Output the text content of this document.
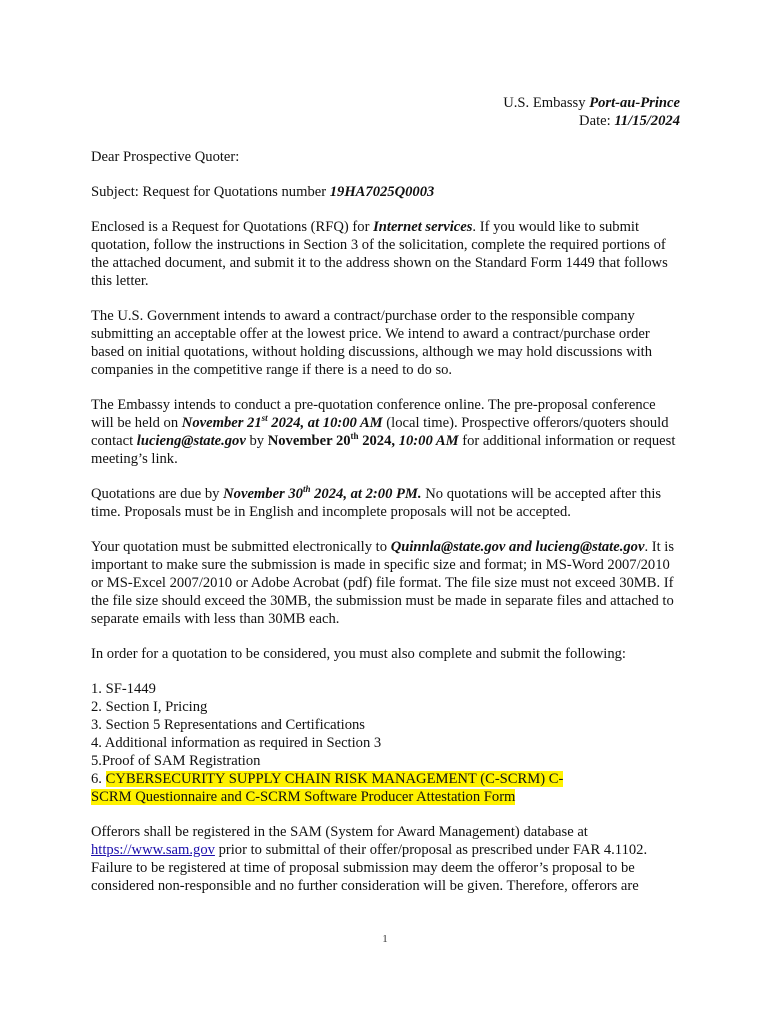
U.S. Embassy Port-au-Prince
Date: 11/15/2024

Dear Prospective Quoter:

Subject: Request for Quotations number 19HA7025Q0003

Enclosed is a Request for Quotations (RFQ) for Internet services. If you would like to submit quotation, follow the instructions in Section 3 of the solicitation, complete the required portions of the attached document, and submit it to the address shown on the Standard Form 1449 that follows this letter.

The U.S. Government intends to award a contract/purchase order to the responsible company submitting an acceptable offer at the lowest price. We intend to award a contract/purchase order based on initial quotations, without holding discussions, although we may hold discussions with companies in the competitive range if there is a need to do so.

The Embassy intends to conduct a pre-quotation conference online. The pre-proposal conference will be held on November 21st 2024, at 10:00 AM (local time). Prospective offerors/quoters should contact lucieng@state.gov by November 20th 2024, 10:00 AM for additional information or request meeting’s link.

Quotations are due by November 30th 2024, at 2:00 PM. No quotations will be accepted after this time. Proposals must be in English and incomplete proposals will not be accepted.

Your quotation must be submitted electronically to Quinnla@state.gov and lucieng@state.gov. It is important to make sure the submission is made in specific size and format; in MS-Word 2007/2010 or MS-Excel 2007/2010 or Adobe Acrobat (pdf) file format. The file size must not exceed 30MB. If the file size should exceed the 30MB, the submission must be made in separate files and attached to separate emails with less than 30MB each.

In order for a quotation to be considered, you must also complete and submit the following:

1. SF-1449
2. Section I, Pricing
3. Section 5 Representations and Certifications
4. Additional information as required in Section 3
5.Proof of SAM Registration
6. CYBERSECURITY SUPPLY CHAIN RISK MANAGEMENT (C-SCRM) C-
SCRM Questionnaire and C-SCRM Software Producer Attestation Form

Offerors shall be registered in the SAM (System for Award Management) database at https://www.sam.gov prior to submittal of their offer/proposal as prescribed under FAR 4.1102. Failure to be registered at time of proposal submission may deem the offeror’s proposal to be considered non-responsible and no further consideration will be given. Therefore, offerors are

1
